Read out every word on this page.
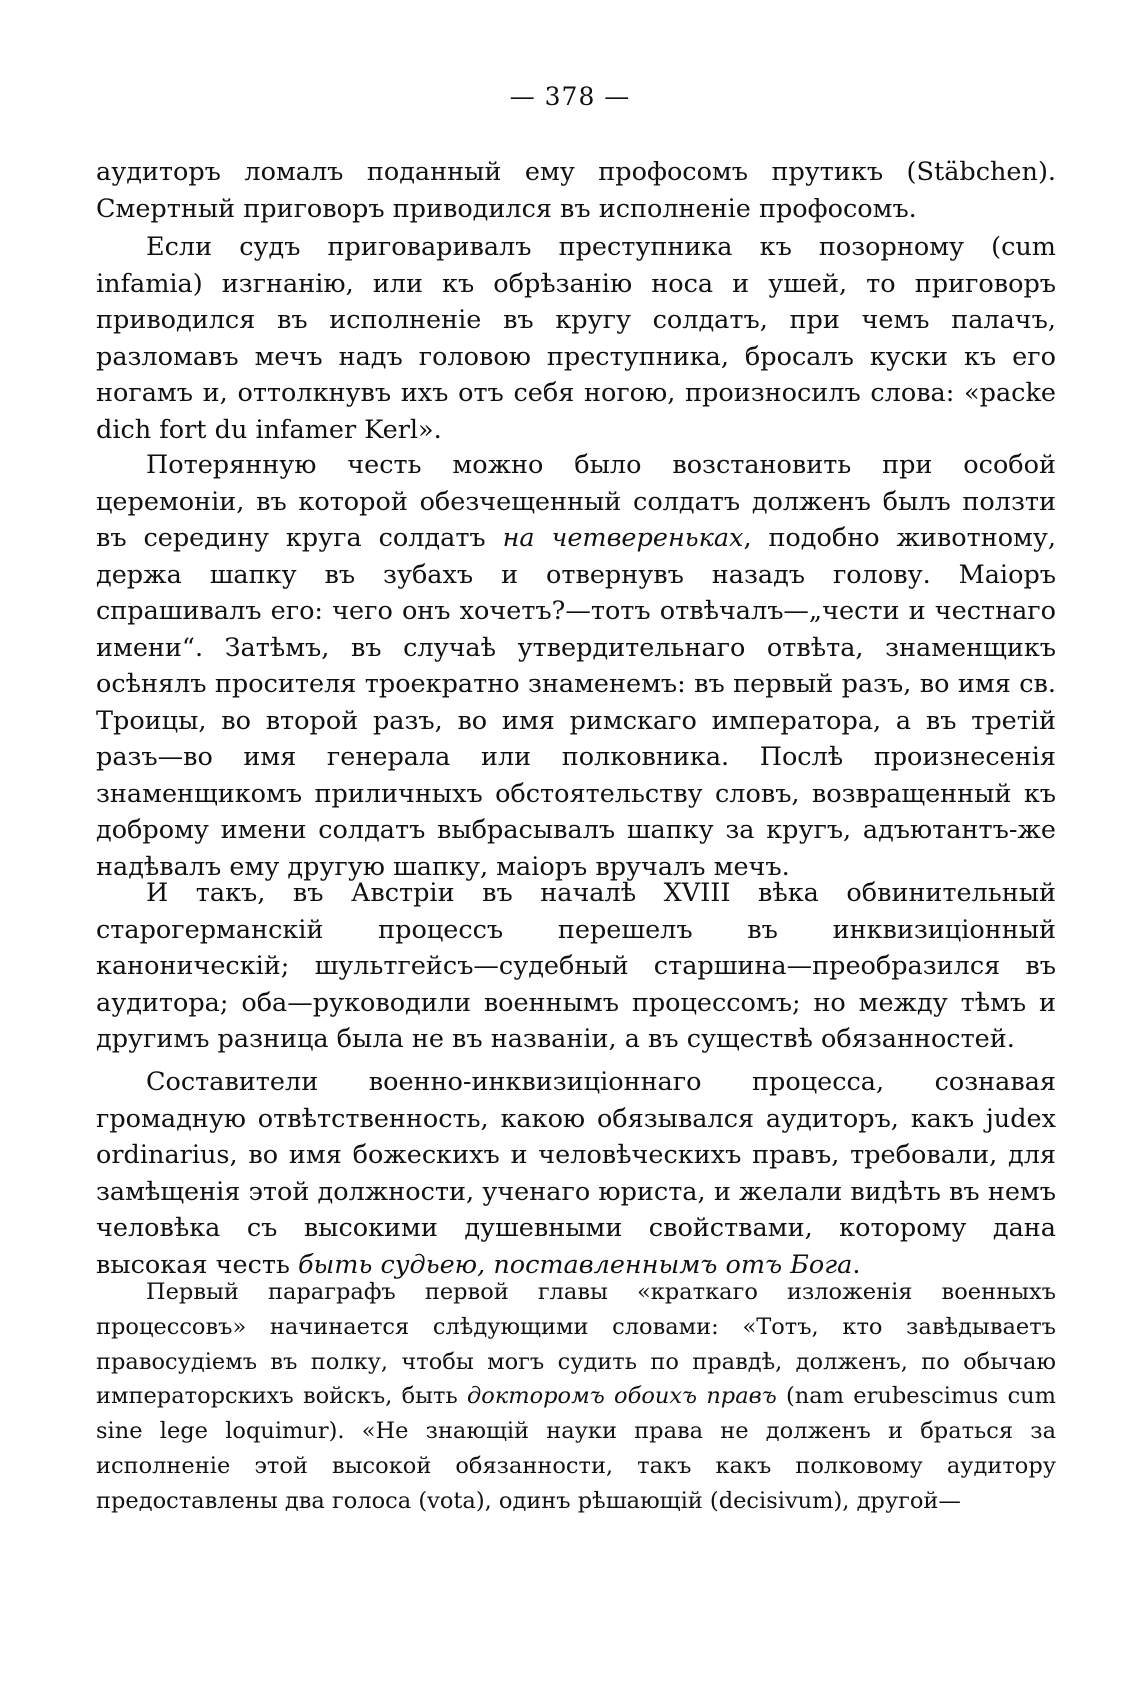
— 378 —

аудиторъ ломалъ поданный ему профосомъ прутикъ (Stäbchen). Смертный приговоръ приводился въ исполненіе профосомъ.

Если судъ приговаривалъ преступника къ позорному (cum infamia) изгнанію, или къ обрѣзанію носа и ушей, то приговоръ приводился въ исполненіе въ кругу солдатъ, при чемъ палачъ, разломавъ мечъ надъ головою преступника, бросалъ куски къ его ногамъ и, оттолкнувъ ихъ отъ себя ногою, произносилъ слова: «packe dich fort du infamer Kerl».

Потерянную честь можно было возстановить при особой церемоніи, въ которой обезчещенный солдатъ долженъ былъ ползти въ середину круга солдатъ на четвереньках, подобно животному, держа шапку въ зубахъ и отвернувъ назадъ голову. Маіоръ спрашивалъ его: чего онъ хочетъ?—тотъ отвѣчалъ—„чести и честнаго имени“. Затѣмъ, въ случаѣ утвердительнаго отвѣта, знаменщикъ осѣнялъ просителя троекратно знаменемъ: въ первый разъ, во имя св. Троицы, во второй разъ, во имя римскаго императора, а въ третій разъ—во имя генерала или полковника. Послѣ произнесенія знаменщикомъ приличныхъ обстоятельству словъ, возвращенный къ доброму имени солдатъ выбрасывалъ шапку за кругъ, адъютантъ-же надѣвалъ ему другую шапку, маіоръ вручалъ мечъ.

И такъ, въ Австріи въ началѣ XVIII вѣка обвинительный старогерманскій процессъ перешелъ въ инквизиціонный каноническій; шультгейсъ—судебный старшина—преобразился въ аудитора; оба—руководили военнымъ процессомъ; но между тѣмъ и другимъ разница была не въ названіи, а въ существѣ обязанностей.

Составители военно-инквизиціоннаго процесса, сознавая громадную отвѣтственность, какою обязывался аудиторъ, какъ judex ordinarius, во имя божескихъ и человѣческихъ правъ, требовали, для замѣщенія этой должности, ученаго юриста, и желали видѣть въ немъ человѣка съ высокими душевными свойствами, которому дана высокая честь быть судьею, поставленнымъ отъ Бога.

Первый параграфъ первой главы «краткаго изложенія военныхъ процессовъ» начинается слѣдующими словами: «Тотъ, кто завѣдываетъ правосудіемъ въ полку, чтобы могъ судить по правдѣ, долженъ, по обычаю императорскихъ войскъ, быть докторомъ обоихъ правъ (nam erubescimus cum sine lege loquimur). «Не знающій науки права не долженъ и браться за исполненіе этой высокой обязанности, такъ какъ полковому аудитору предоставлены два голоса (vota), одинъ рѣшающій (decisivum), другой—
